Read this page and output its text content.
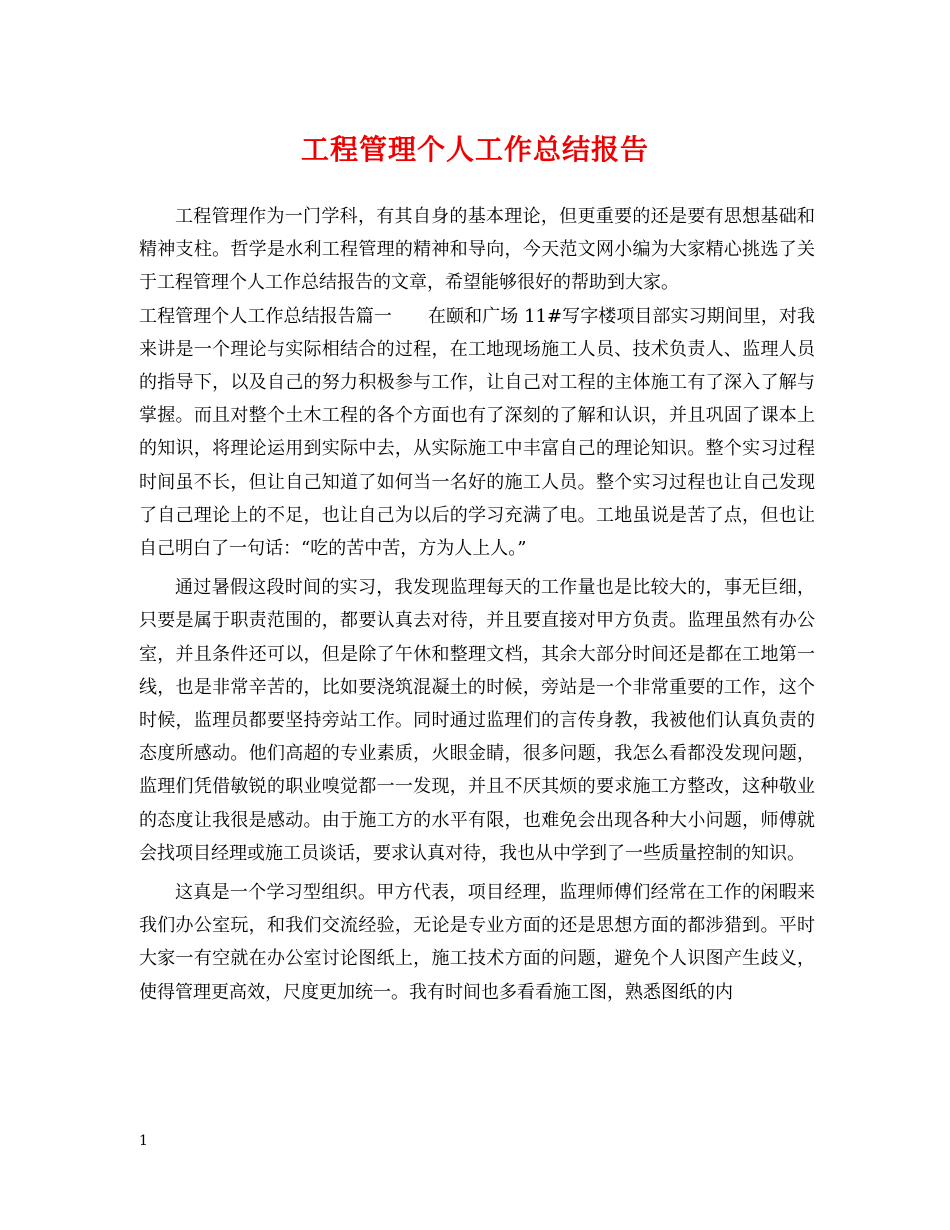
工程管理个人工作总结报告

工程管理作为一门学科，有其自身的基本理论，但更重要的还是要有思想基础和精神支柱。哲学是水利工程管理的精神和导向，今天范文网小编为大家精心挑选了关于工程管理个人工作总结报告的文章，希望能够很好的帮助到大家。

工程管理个人工作总结报告篇一 在颐和广场 11#写字楼项目部实习期间里，对我来讲是一个理论与实际相结合的过程，在工地现场施工人员、技术负责人、监理人员的指导下，以及自己的努力积极参与工作，让自己对工程的主体施工有了深入了解与掌握。而且对整个土木工程的各个方面也有了深刻的了解和认识，并且巩固了课本上的知识，将理论运用到实际中去，从实际施工中丰富自己的理论知识。整个实习过程时间虽不长，但让自己知道了如何当一名好的施工人员。整个实习过程也让自己发现了自己理论上的不足，也让自己为以后的学习充满了电。工地虽说是苦了点，但也让自己明白了一句话：“吃的苦中苦，方为人上人。”

通过暑假这段时间的实习，我发现监理每天的工作量也是比较大的，事无巨细，只要是属于职责范围的，都要认真去对待，并且要直接对甲方负责。监理虽然有办公室，并且条件还可以，但是除了午休和整理文档，其余大部分时间还是都在工地第一线，也是非常辛苦的，比如要浇筑混凝土的时候，旁站是一个非常重要的工作，这个时候，监理员都要坚持旁站工作。同时通过监理们的言传身教，我被他们认真负责的态度所感动。他们高超的专业素质，火眼金睛，很多问题，我怎么看都没发现问题，监理们凭借敏锐的职业嗅觉都一一发现，并且不厌其烦的要求施工方整改，这种敬业的态度让我很是感动。由于施工方的水平有限，也难免会出现各种大小问题，师傅就会找项目经理或施工员谈话，要求认真对待，我也从中学到了一些质量控制的知识。

这真是一个学习型组织。甲方代表，项目经理，监理师傅们经常在工作的闲暇来我们办公室玩，和我们交流经验，无论是专业方面的还是思想方面的都涉猎到。平时大家一有空就在办公室讨论图纸上，施工技术方面的问题，避免个人识图产生歧义，使得管理更高效，尺度更加统一。我有时间也多看看施工图，熟悉图纸的内

1
